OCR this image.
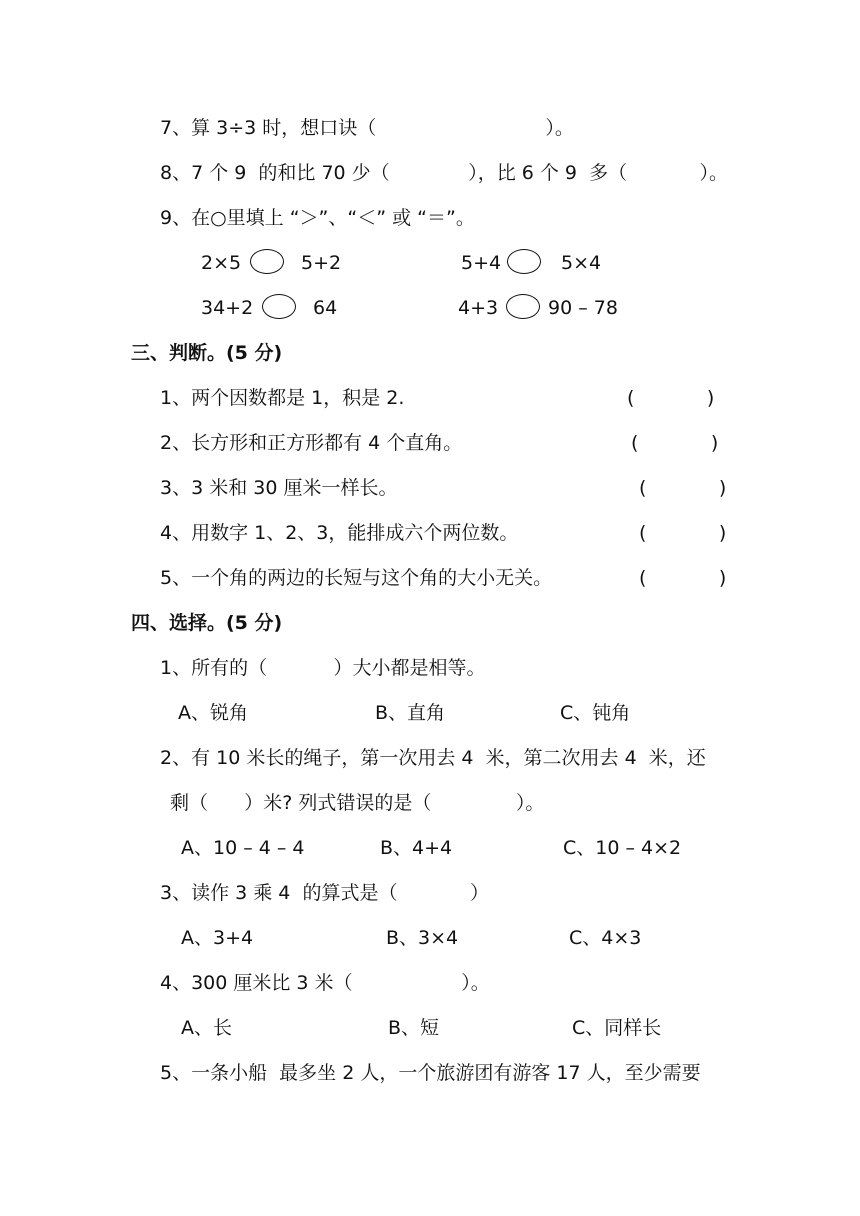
7、算 3÷3 时，想口诀（                            ）。
8、7 个 9  的和比 70 少（             ），比 6 个 9  多（            ）。
9、在○里填上 “＞”、“＜” 或 “＝”。
2×5	5+2	5+4	5×4
34+2	64	4+3	90 – 78
三、判断。(5 分)
1、两个因数都是 1，积是 2.	(            )
2、长方形和正方形都有 4 个直角。	(            )
3、3 米和 30 厘米一样长。	(            )
4、用数字 1、2、3，能排成六个两位数。	(            )
5、一个角的两边的长短与这个角的大小无关。	(            )
四、选择。(5 分)
1、所有的（           ）大小都是相等。
A、锐角	B、直角	C、钝角
2、有 10 米长的绳子，第一次用去 4  米，第二次用去 4  米，还
剩（      ）米? 列式错误的是（              ）。
A、10 – 4 – 4	B、4+4	C、10 – 4×2
3、读作 3 乘 4  的算式是（            ）
A、3+4	B、3×4	C、4×3
4、300 厘米比 3 米（                  ）。
A、长	B、短	C、同样长
5、一条小船  最多坐 2 人，一个旅游团有游客 17 人，至少需要
